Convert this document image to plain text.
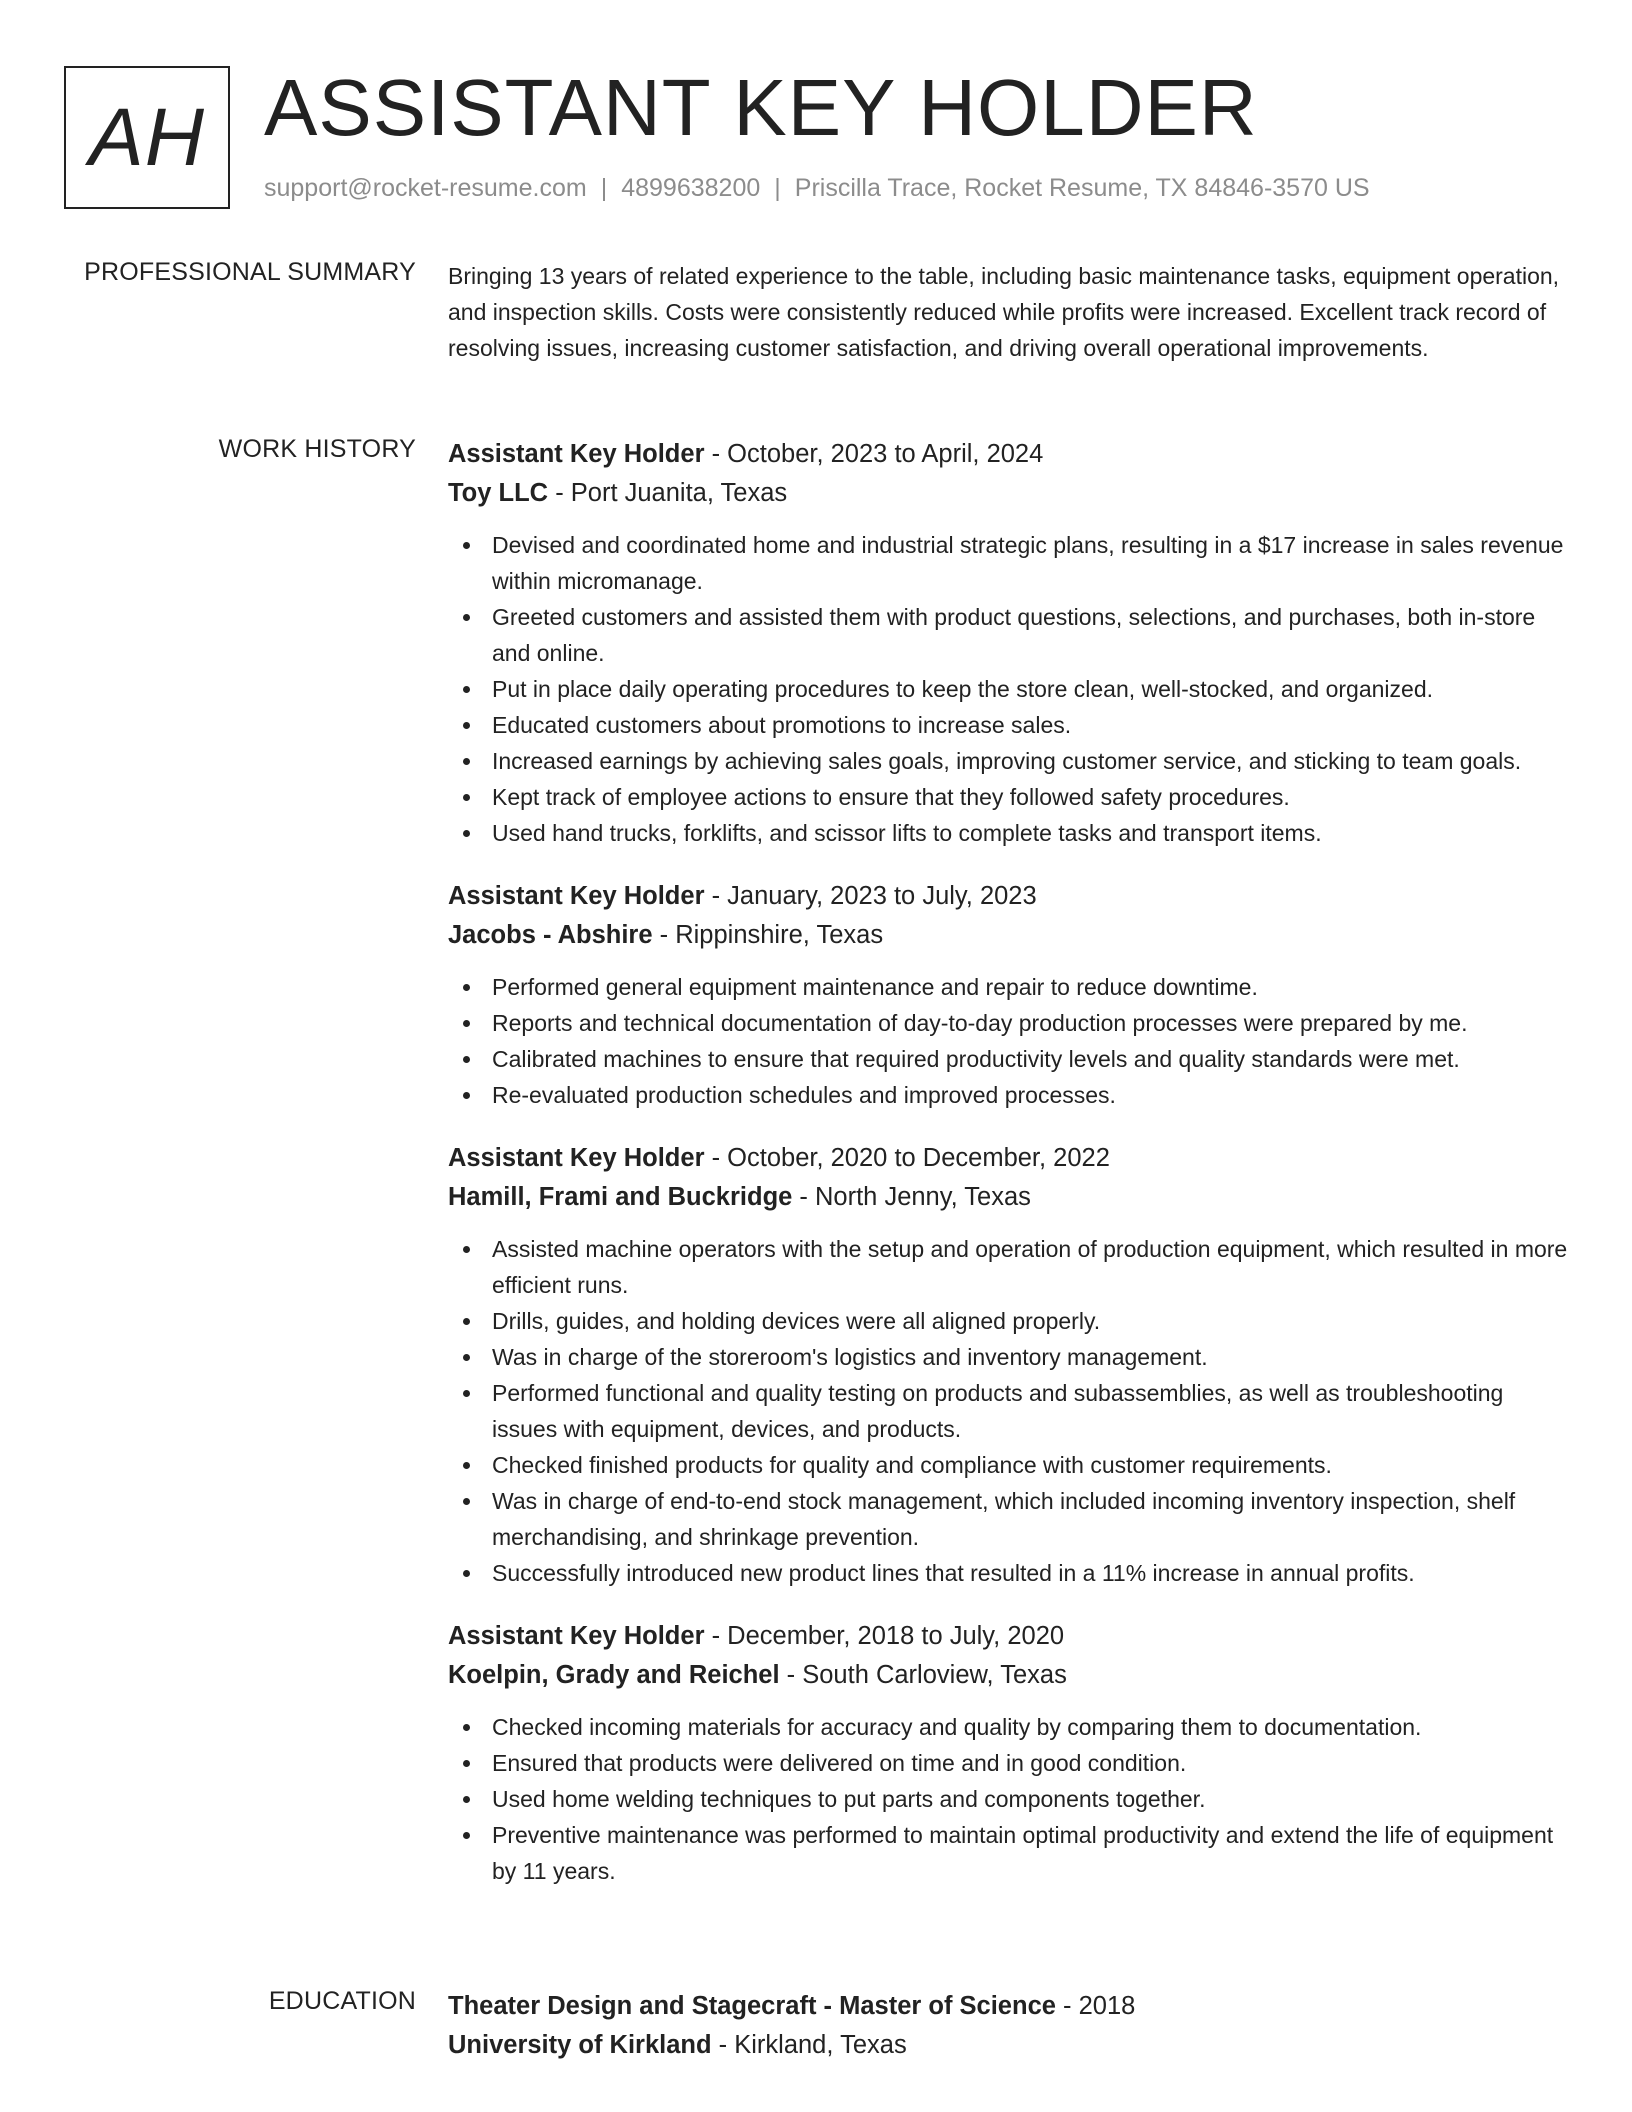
AH ASSISTANT KEY HOLDER
support@rocket-resume.com | 4899638200 | Priscilla Trace, Rocket Resume, TX 84846-3570 US
PROFESSIONAL SUMMARY Bringing 13 years of related experience to the table, including basic maintenance tasks, equipment operation, and inspection skills. Costs were consistently reduced while profits were increased. Excellent track record of resolving issues, increasing customer satisfaction, and driving overall operational improvements.

WORK HISTORY Assistant Key Holder - October, 2023 to April, 2024
Toy LLC - Port Juanita, Texas
Devised and coordinated home and industrial strategic plans, resulting in a $17 increase in sales revenue within micromanage.
Greeted customers and assisted them with product questions, selections, and purchases, both in-store and online.
Put in place daily operating procedures to keep the store clean, well-stocked, and organized.
Educated customers about promotions to increase sales.
Increased earnings by achieving sales goals, improving customer service, and sticking to team goals.
Kept track of employee actions to ensure that they followed safety procedures.
Used hand trucks, forklifts, and scissor lifts to complete tasks and transport items.
Assistant Key Holder - January, 2023 to July, 2023
Jacobs - Abshire - Rippinshire, Texas
Performed general equipment maintenance and repair to reduce downtime.
Reports and technical documentation of day-to-day production processes were prepared by me.
Calibrated machines to ensure that required productivity levels and quality standards were met.
Re-evaluated production schedules and improved processes.
Assistant Key Holder - October, 2020 to December, 2022
Hamill, Frami and Buckridge - North Jenny, Texas
Assisted machine operators with the setup and operation of production equipment, which resulted in more efficient runs.
Drills, guides, and holding devices were all aligned properly.
Was in charge of the storeroom's logistics and inventory management.
Performed functional and quality testing on products and subassemblies, as well as troubleshooting issues with equipment, devices, and products.
Checked finished products for quality and compliance with customer requirements.
Was in charge of end-to-end stock management, which included incoming inventory inspection, shelf merchandising, and shrinkage prevention.
Successfully introduced new product lines that resulted in a 11% increase in annual profits.
Assistant Key Holder - December, 2018 to July, 2020
Koelpin, Grady and Reichel - South Carloview, Texas
Checked incoming materials for accuracy and quality by comparing them to documentation.
Ensured that products were delivered on time and in good condition.
Used home welding techniques to put parts and components together.
Preventive maintenance was performed to maintain optimal productivity and extend the life of equipment by 11 years.
EDUCATION Theater Design and Stagecraft - Master of Science - 2018
University of Kirkland - Kirkland, Texas
